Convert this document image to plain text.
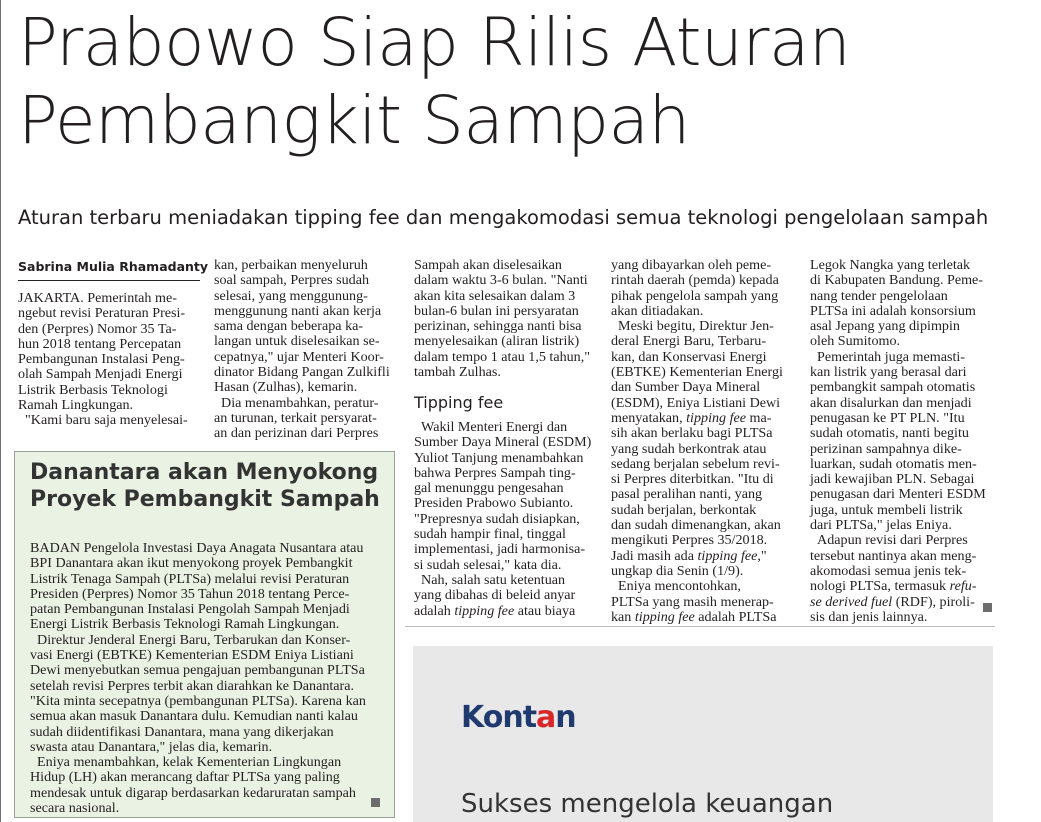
Prabowo Siap Rilis Aturan
Pembangkit Sampah
Aturan terbaru meniadakan tipping fee dan mengakomodasi semua teknologi pengelolaan sampah
Sabrina Mulia Rhamadanty

JAKARTA. Pemerintah me-

ngebut revisi Peraturan Presi-

den (Perpres) Nomor 35 Ta-

hun 2018 tentang Percepatan

Pembangunan Instalasi Peng-

olah Sampah Menjadi Energi

Listrik Berbasis Teknologi

Ramah Lingkungan.

"Kami baru saja menyelesai-

kan, perbaikan menyeluruh

soal sampah, Perpres sudah

selesai, yang menggunung-

menggunung nanti akan kerja

sama dengan beberapa ka-

langan untuk diselesaikan se-

cepatnya," ujar Menteri Koor-

dinator Bidang Pangan Zulkifli

Hasan (Zulhas), kemarin.

Dia menambahkan, peratur-

an turunan, terkait persyarat-

an dan perizinan dari Perpres

Sampah akan diselesaikan

dalam waktu 3-6 bulan. "Nanti

akan kita selesaikan dalam 3

bulan-6 bulan ini persyaratan

perizinan, sehingga nanti bisa

menyelesaikan (aliran listrik)

dalam tempo 1 atau 1,5 tahun,"

tambah Zulhas.

Tipping fee

Wakil Menteri Energi dan

Sumber Daya Mineral (ESDM)

Yuliot Tanjung menambahkan

bahwa Perpres Sampah ting-

gal menunggu pengesahan

Presiden Prabowo Subianto.

"Prepresnya sudah disiapkan,

sudah hampir final, tinggal

implementasi, jadi harmonisa-

si sudah selesai," kata dia.

Nah, salah satu ketentuan

yang dibahas di beleid anyar

adalah tipping fee atau biaya

yang dibayarkan oleh peme-

rintah daerah (pemda) kepada

pihak pengelola sampah yang

akan ditiadakan.

Meski begitu, Direktur Jen-

deral Energi Baru, Terbaru-

kan, dan Konservasi Energi

(EBTKE) Kementerian Energi

dan Sumber Daya Mineral

(ESDM), Eniya Listiani Dewi

menyatakan, tipping fee ma-

sih akan berlaku bagi PLTSa

yang sudah berkontrak atau

sedang berjalan sebelum revi-

si Perpres diterbitkan. "Itu di

pasal peralihan nanti, yang

sudah berjalan, berkontak

dan sudah dimenangkan, akan

mengikuti Perpres 35/2018.

Jadi masih ada tipping fee,"

ungkap dia Senin (1/9).

Eniya mencontohkan,

PLTSa yang masih menerap-

kan tipping fee adalah PLTSa

Legok Nangka yang terletak

di Kabupaten Bandung. Peme-

nang tender pengelolaan

PLTSa ini adalah konsorsium

asal Jepang yang dipimpin

oleh Sumitomo.

Pemerintah juga memasti-

kan listrik yang berasal dari

pembangkit sampah otomatis

akan disalurkan dan menjadi

penugasan ke PT PLN. "Itu

sudah otomatis, nanti begitu

perizinan sampahnya dike-

luarkan, sudah otomatis men-

jadi kewajiban PLN. Sebagai

penugasan dari Menteri ESDM

juga, untuk membeli listrik

dari PLTSa," jelas Eniya.

Adapun revisi dari Perpres

tersebut nantinya akan meng-

akomodasi semua jenis tek-

nologi PLTSa, termasuk refu-

se derived fuel (RDF), piroli-

sis dan jenis lainnya.

Danantara akan Menyokong
Proyek Pembangkit Sampah

BADAN Pengelola Investasi Daya Anagata Nusantara atau

BPI Danantara akan ikut menyokong proyek Pembangkit

Listrik Tenaga Sampah (PLTSa) melalui revisi Peraturan

Presiden (Perpres) Nomor 35 Tahun 2018 tentang Perce-

patan Pembangunan Instalasi Pengolah Sampah Menjadi

Energi Listrik Berbasis Teknologi Ramah Lingkungan.

Direktur Jenderal Energi Baru, Terbarukan dan Konser-

vasi Energi (EBTKE) Kementerian ESDM Eniya Listiani

Dewi menyebutkan semua pengajuan pembangunan PLTSa

setelah revisi Perpres terbit akan diarahkan ke Danantara.

"Kita minta secepatnya (pembangunan PLTSa). Karena kan

semua akan masuk Danantara dulu. Kemudian nanti kalau

sudah diidentifikasi Danantara, mana yang dikerjakan

swasta atau Danantara," jelas dia, kemarin.

Eniya menambahkan, kelak Kementerian Lingkungan

Hidup (LH) akan merancang daftar PLTSa yang paling

mendesak untuk digarap berdasarkan kedaruratan sampah

secara nasional.

Kontan
Sukses mengelola keuangan
